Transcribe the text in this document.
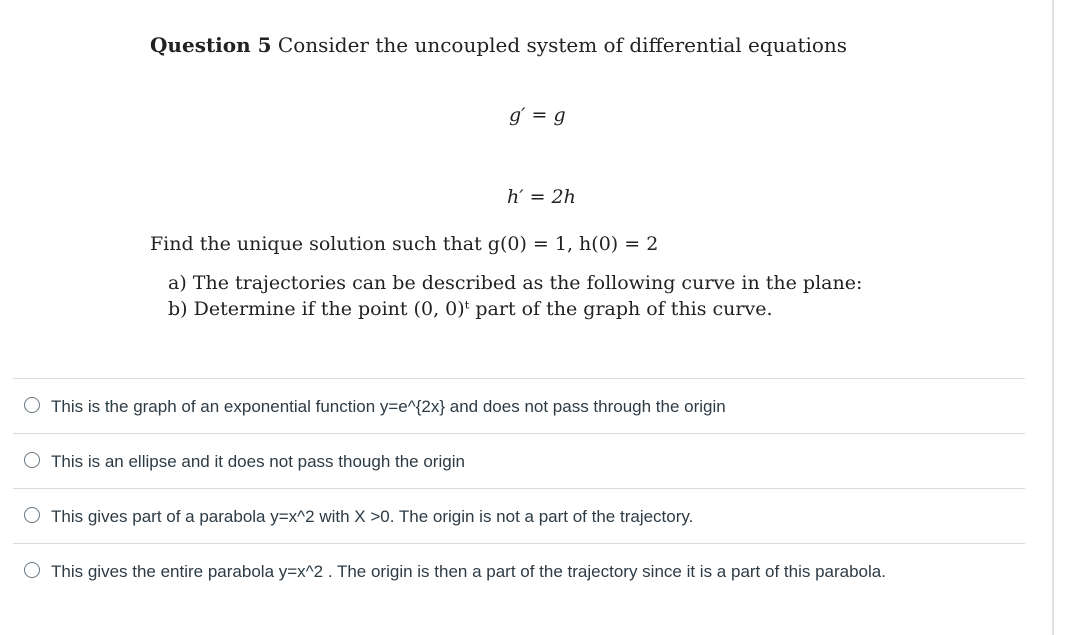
Question 5 Consider the uncoupled system of differential equations
g′ = g
h′ = 2h
Find the unique solution such that g(0) = 1, h(0) = 2
a) The trajectories can be described as the following curve in the plane:
b) Determine if the point (0, 0)ᵗ part of the graph of this curve.
This is the graph of an exponential function y=e^{2x} and does not pass through the origin
This is an ellipse and it does not pass though the origin
This gives part of a parabola y=x^2 with X >0. The origin is not a part of the trajectory.
This gives the entire parabola y=x^2 . The origin is then a part of the trajectory since it is a part of this parabola.
